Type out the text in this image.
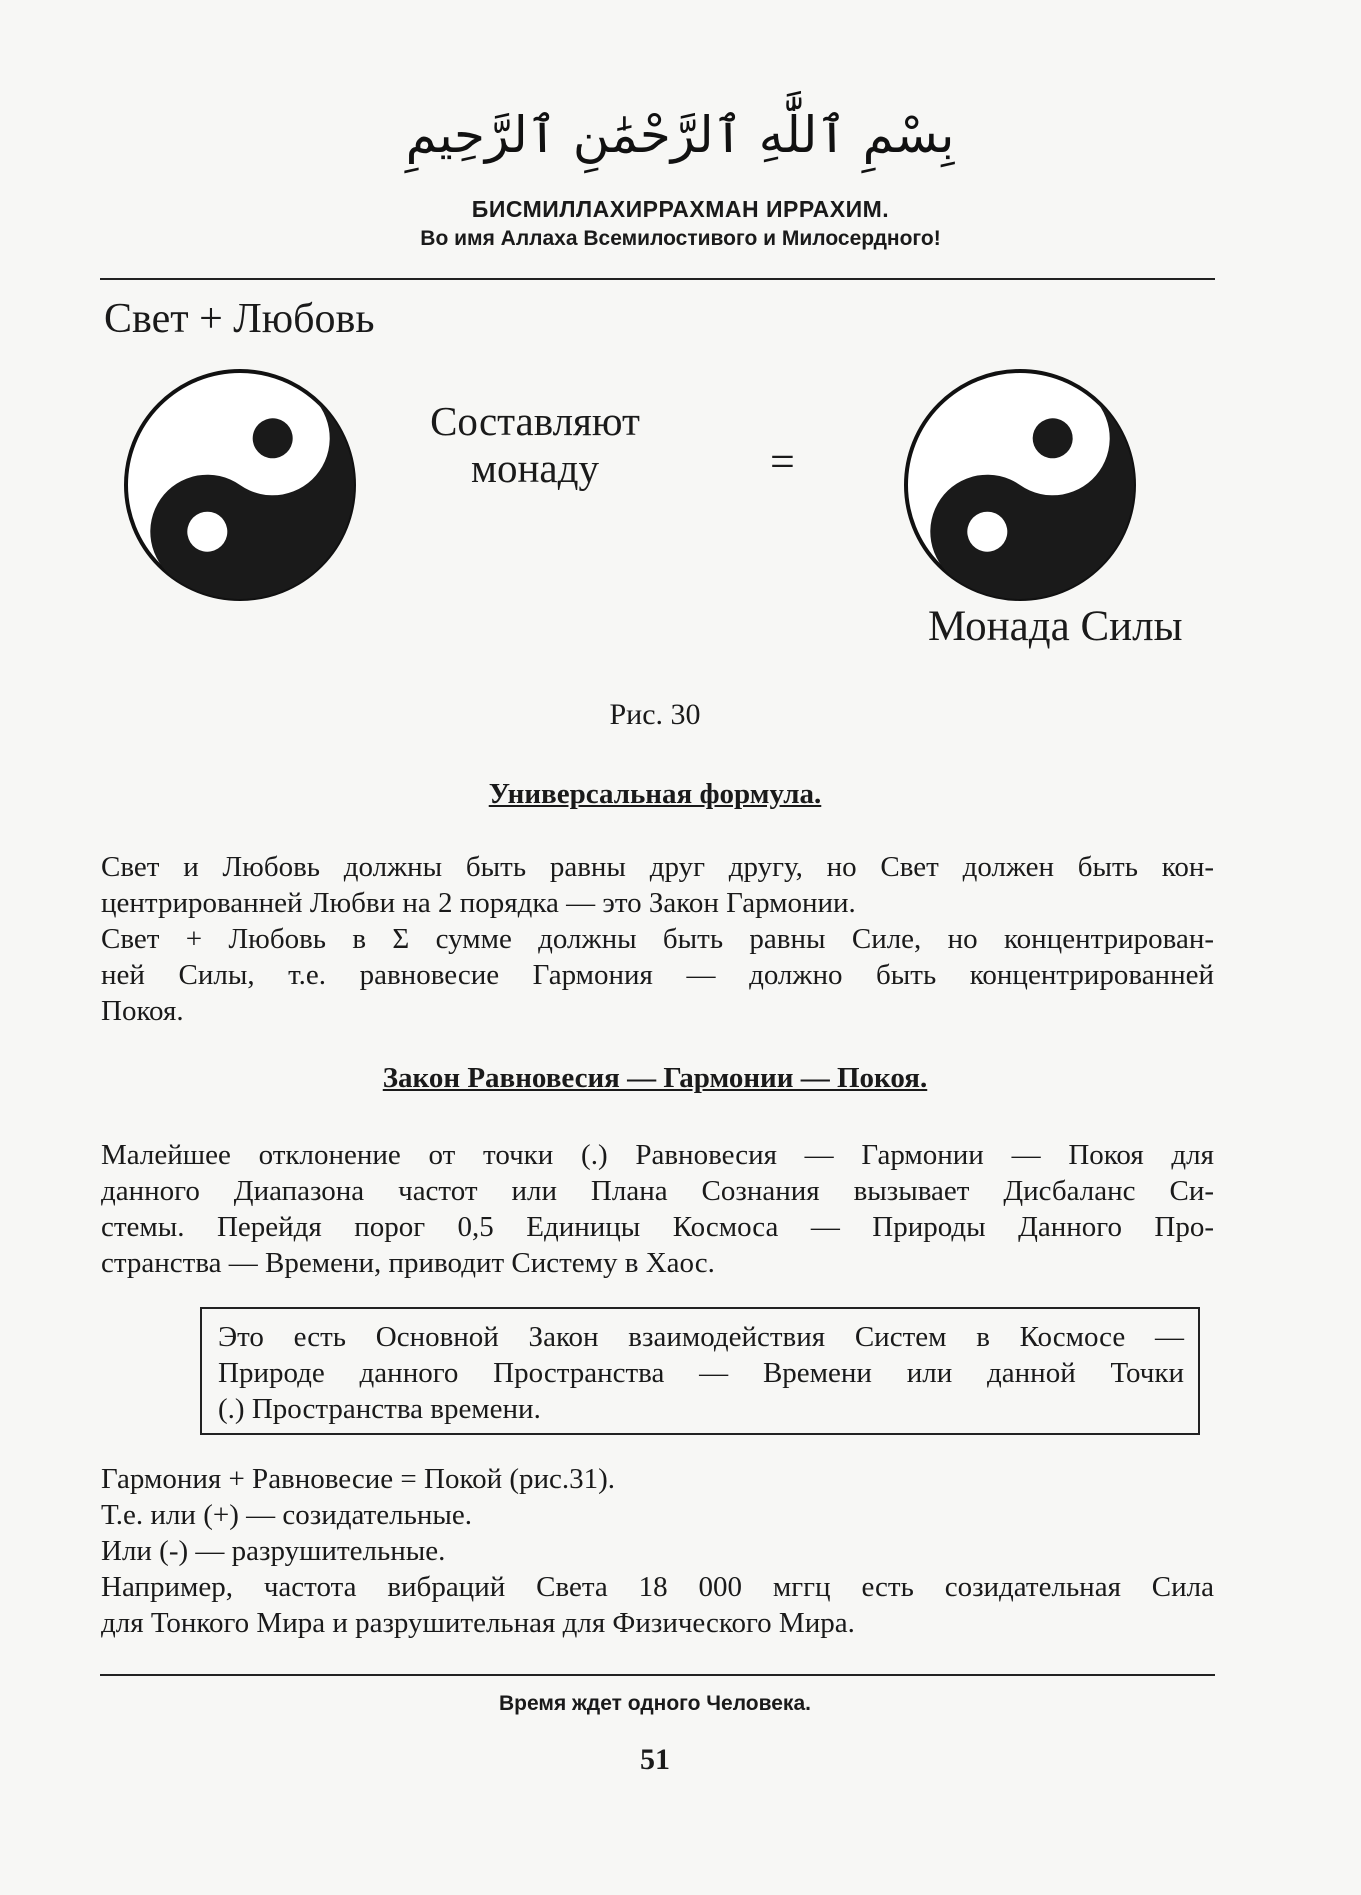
بِسْمِ ٱللَّٰهِ ٱلرَّحْمَٰنِ ٱلرَّحِيمِ
БИСМИЛЛАХИРРАХМАН ИРРАХИМ.
Во имя Аллаха Всемилостивого и Милосердного!
Свет + Любовь
Составляют
монаду	=
Монада Силы
Рис. 30
Универсальная формула.
Свет и Любовь должны быть равны друг другу, но Свет должен быть кон-
центрированней Любви на 2 порядка — это Закон Гармонии.
Свет + Любовь в Σ сумме должны быть равны Силе, но концентрирован-
ней Силы, т.е. равновесие Гармония — должно быть концентрированней
Покоя.
Закон Равновесия — Гармонии — Покоя.
Малейшее отклонение от точки (.) Равновесия — Гармонии — Покоя для
данного Диапазона частот или Плана Сознания вызывает Дисбаланс Си-
стемы. Перейдя порог 0,5 Единицы Космоса — Природы Данного Про-
странства — Времени, приводит Систему в Хаос.
Это есть Основной Закон взаимодействия Систем в Космосе —
Природе данного Пространства — Времени или данной Точки
(.) Пространства времени.
Гармония + Равновесие = Покой (рис.31).
Т.е. или (+) — созидательные.
Или (-) — разрушительные.
Например, частота вибраций Света 18 000 мггц есть созидательная Сила
для Тонкого Мира и разрушительная для Физического Мира.
Время ждет одного Человека.
51
